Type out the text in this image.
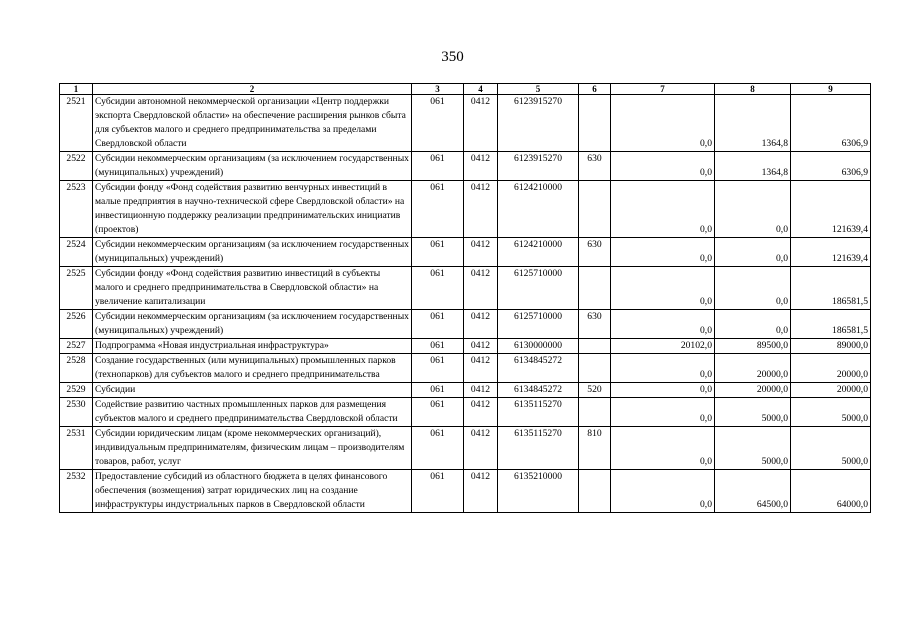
350
1	2	3	4	5	6	7	8	9
2521	Субсидии автономной некоммерческой организации «Центр поддержки экспорта Свердловской области» на обеспечение расширения рынков сбыта для субъектов малого и среднего предпринимательства за пределами Свердловской области	061	0412	6123915270		0,0	1364,8	6306,9
2522	Субсидии некоммерческим организациям (за исключением государственных (муниципальных) учреждений)	061	0412	6123915270	630	0,0	1364,8	6306,9
2523	Субсидии фонду «Фонд содействия развитию венчурных инвестиций в малые предприятия в научно-технической сфере Свердловской области» на инвестиционную поддержку реализации предпринимательских инициатив (проектов)	061	0412	6124210000		0,0	0,0	121639,4
2524	Субсидии некоммерческим организациям (за исключением государственных (муниципальных) учреждений)	061	0412	6124210000	630	0,0	0,0	121639,4
2525	Субсидии фонду «Фонд содействия развитию инвестиций в субъекты малого и среднего предпринимательства в Свердловской области» на увеличение капитализации	061	0412	6125710000		0,0	0,0	186581,5
2526	Субсидии некоммерческим организациям (за исключением государственных (муниципальных) учреждений)	061	0412	6125710000	630	0,0	0,0	186581,5
2527	Подпрограмма «Новая индустриальная инфраструктура»	061	0412	6130000000		20102,0	89500,0	89000,0
2528	Создание государственных (или муниципальных) промышленных парков (технопарков) для субъектов малого и среднего предпринимательства	061	0412	6134845272		0,0	20000,0	20000,0
2529	Субсидии	061	0412	6134845272	520	0,0	20000,0	20000,0
2530	Содействие развитию частных промышленных парков для размещения субъектов малого и среднего предпринимательства Свердловской области	061	0412	6135115270		0,0	5000,0	5000,0
2531	Субсидии юридическим лицам (кроме некоммерческих организаций), индивидуальным предпринимателям, физическим лицам – производителям товаров, работ, услуг	061	0412	6135115270	810	0,0	5000,0	5000,0
2532	Предоставление субсидий из областного бюджета в целях финансового обеспечения (возмещения) затрат юридических лиц на создание инфраструктуры индустриальных парков в Свердловской области	061	0412	6135210000		0,0	64500,0	64000,0
